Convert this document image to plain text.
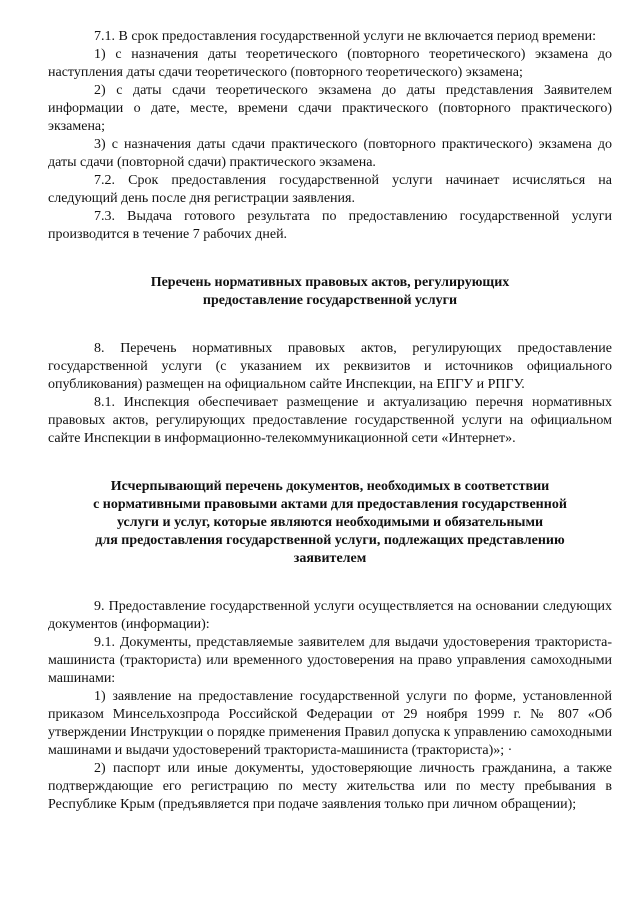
7.1. В срок предоставления государственной услуги не включается период времени:

1) с назначения даты теоретического (повторного теоретического) экзамена до наступления даты сдачи теоретического (повторного теоретического) экзамена;

2) с даты сдачи теоретического экзамена до даты представления Заявителем информации о дате, месте, времени сдачи практического (повторного практического) экзамена;

3) с назначения даты сдачи практического (повторного практического) экзамена до даты сдачи (повторной сдачи) практического экзамена.

7.2. Срок предоставления государственной услуги начинает исчисляться на следующий день после дня регистрации заявления.

7.3. Выдача готового результата по предоставлению государственной услуги производится в течение 7 рабочих дней.

Перечень нормативных правовых актов, регулирующих

предоставление государственной услуги

8. Перечень нормативных правовых актов, регулирующих предоставление государственной услуги (с указанием их реквизитов и источников официального опубликования) размещен на официальном сайте Инспекции, на ЕПГУ и РПГУ.

8.1. Инспекция обеспечивает размещение и актуализацию перечня нормативных правовых актов, регулирующих предоставление государственной услуги на официальном сайте Инспекции в информационно-телекоммуникационной сети «Интернет».

Исчерпывающий перечень документов, необходимых в соответствии

с нормативными правовыми актами для предоставления государственной

услуги и услуг, которые являются необходимыми и обязательными

для предоставления государственной услуги, подлежащих представлению

заявителем

9. Предоставление государственной услуги осуществляется на основании следующих документов (информации):

9.1. Документы, представляемые заявителем для выдачи удостоверения тракториста-машиниста (тракториста) или временного удостоверения на право управления самоходными машинами:

1) заявление на предоставление государственной услуги по форме, установленной приказом Минсельхозпрода Российской Федерации от 29 ноября 1999 г. № 807 «Об утверждении Инструкции о порядке применения Правил допуска к управлению самоходными машинами и выдачи удостоверений тракториста-машиниста (тракториста)»; ·

2) паспорт или иные документы, удостоверяющие личность гражданина, а также подтверждающие его регистрацию по месту жительства или по месту пребывания в Республике Крым (предъявляется при подаче заявления только при личном обращении);
